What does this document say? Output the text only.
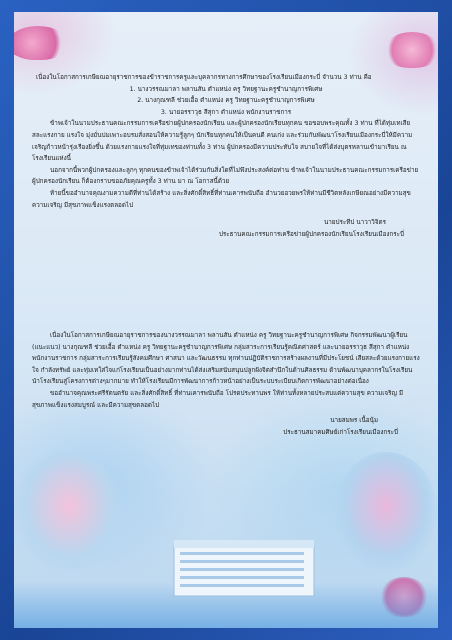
เนื่องในโอกาสการเกษียณอายุราชการของข้าราชการครูและบุคลากรทางการศึกษาของโรงเรียนเมืองกระบี่ จำนวน 3 ท่าน คือ

1. นางวรรณมาลา พลานสัน ตำแหน่ง ครู วิทยฐานะครูชำนาญการพิเศษ

2. นางกุณฑลี ช่วยเอื้อ ตำแหน่ง ครู วิทยฐานะครูชำนาญการพิเศษ

3. นายอรราวุธ สีสุกา ตำแหน่ง พนักงานราชการ

ข้าพเจ้าในนามประธานคณะกรรมการเครือข่ายผู้ปกครองนักเรียน และผู้ปกครองนักเรียนทุกคน ขอขอบพระคุณทั้ง 3 ท่าน ที่ได้ทุ่มเทเสียสละแรงกาย แรงใจ มุ่งมั่นบ่มเพาะอบรมสั่งสอนให้ความรู้ลูกๆ นักเรียนทุกคนให้เป็นคนดี คนเก่ง และร่วมกันพัฒนาโรงเรียนเมืองกระบี่ให้มีความเจริญก้าวหน้ารุ่งเรืองยิ่งขึ้น ด้วยแรงกายแรงใจที่ทุ่มเทของท่านทั้ง 3 ท่าน ผู้ปกครองมีความประทับใจ สบายใจที่ได้ส่งบุตรหลานเข้ามาเรียน ณ โรงเรียนแห่งนี้

นอกจากนี้พวกผู้ปกครองและลูกๆ ทุกคนของข้าพเจ้าได้ร่วมกันสิ่งใดที่ไม่พึงประสงค์ต่อท่าน ข้าพเจ้าในนามประธานคณะกรรมการเครือข่ายผู้ปกครองนักเรียน ก็ต้องกราบขออภัยคุณครูทั้ง 3 ท่าน มา ณ โอกาสนี้ด้วย

ท้ายนี้ขออำนาจคุณงามความดีที่ท่านได้สร้าง และสิ่งศักดิ์สิทธิ์ที่ท่านเคารพนับถือ อำนวยอวยพรให้ท่านมีชีวิตหลังเกษียณอย่างมีความสุข ความเจริญ มีสุขภาพแข็งแรงตลอดไป

นายประทีป นาวาวิจิตร

ประธานคณะกรรมการเครือข่ายผู้ปกครองนักเรียนโรงเรียนเมืองกระบี่

เนื่องในโอกาสการเกษียณอายุราชการของนางวรรณมาลา พลานสัน ตำแหน่ง ครู วิทยฐานะครูชำนาญการพิเศษ กิจกรรมพัฒนาผู้เรียน (แนะแนว) นางกุณฑลี ช่วยเอื้อ ตำแหน่ง ครู วิทยฐานะครูชำนาญการพิเศษ กลุ่มสาระการเรียนรู้คณิตศาสตร์ และนายอรราวุธ สีสุกา ตำแหน่ง พนักงานราชการ กลุ่มสาระการเรียนรู้สังคมศึกษา ศาสนา และวัฒนธรรม ทุกท่านปฏิบัติราชการสร้างผลงานที่มีประโยชน์ เสียสละด้วยแรงกายแรงใจ กำลังทรัพย์ และทุ่มเทใส่ใจแก่โรงเรียนเป็นอย่างมากท่านได้ส่งเสริมสนับสนุนปลูกฝังจิตสำนึกในด้านศิลธรรม ด้านพัฒนาบุคลากรในโรงเรียน นำโรงเรียนสู่โครงการต่างๆมากมาย ทำให้โรงเรียนมีการพัฒนาการก้าวหน้าอย่างเป็นระบบระเบียบเกิดการพัฒนาอย่างต่อเนื่อง

ขออำนาจคุณพระศรีรัตนตรัย และสิ่งศักดิ์สิทธิ์ ที่ท่านเคารพนับถือ โปรดประทานพร ให้ท่านทั้งหลายประสบแต่ความสุข ความเจริญ มีสุขภาพแข็งแรงสมบูรณ์ และมีความสุขตลอดไป

นายสมพร เนื้อนุ้ม

ประธานสมาคมศิษย์เก่าโรงเรียนเมืองกระบี่
